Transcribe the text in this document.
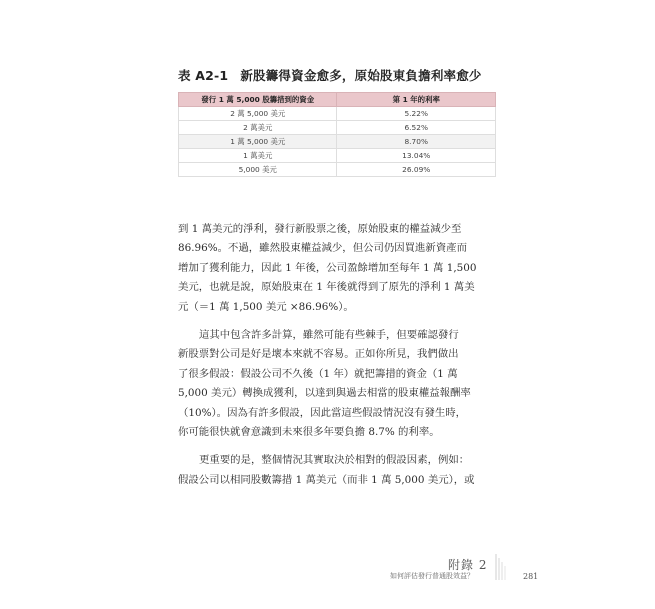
表 A2-1 新股籌得資金愈多，原始股東負擔利率愈少
發行 1 萬 5,000 股籌措到的資金	第 1 年的利率
2 萬 5,000 美元	5.22%
2 萬美元	6.52%
1 萬 5,000 美元	8.70%
1 萬美元	13.04%
5,000 美元	26.09%

到 1 萬美元的淨利，發行新股票之後，原始股東的權益減少至
86.96%。不過，雖然股東權益減少，但公司仍因買進新資產而
增加了獲利能力，因此 1 年後，公司盈餘增加至每年 1 萬 1,500
美元，也就是說，原始股東在 1 年後就得到了原先的淨利 1 萬美
元（＝1 萬 1,500 美元 ×86.96%）。

這其中包含許多計算，雖然可能有些棘手，但要確認發行
新股票對公司是好是壞本來就不容易。正如你所見，我們做出
了很多假設：假設公司不久後（1 年）就把籌措的資金（1 萬
5,000 美元）轉換成獲利，以達到與過去相當的股東權益報酬率
（10%）。因為有許多假設，因此當這些假設情況沒有發生時，
你可能很快就會意識到未來很多年要負擔 8.7% 的利率。

更重要的是，整個情況其實取決於相對的假設因素，例如：
假設公司以相同股數籌措 1 萬美元（而非 1 萬 5,000 美元），或

附錄 2
如何評估發行普通股效益？	281
